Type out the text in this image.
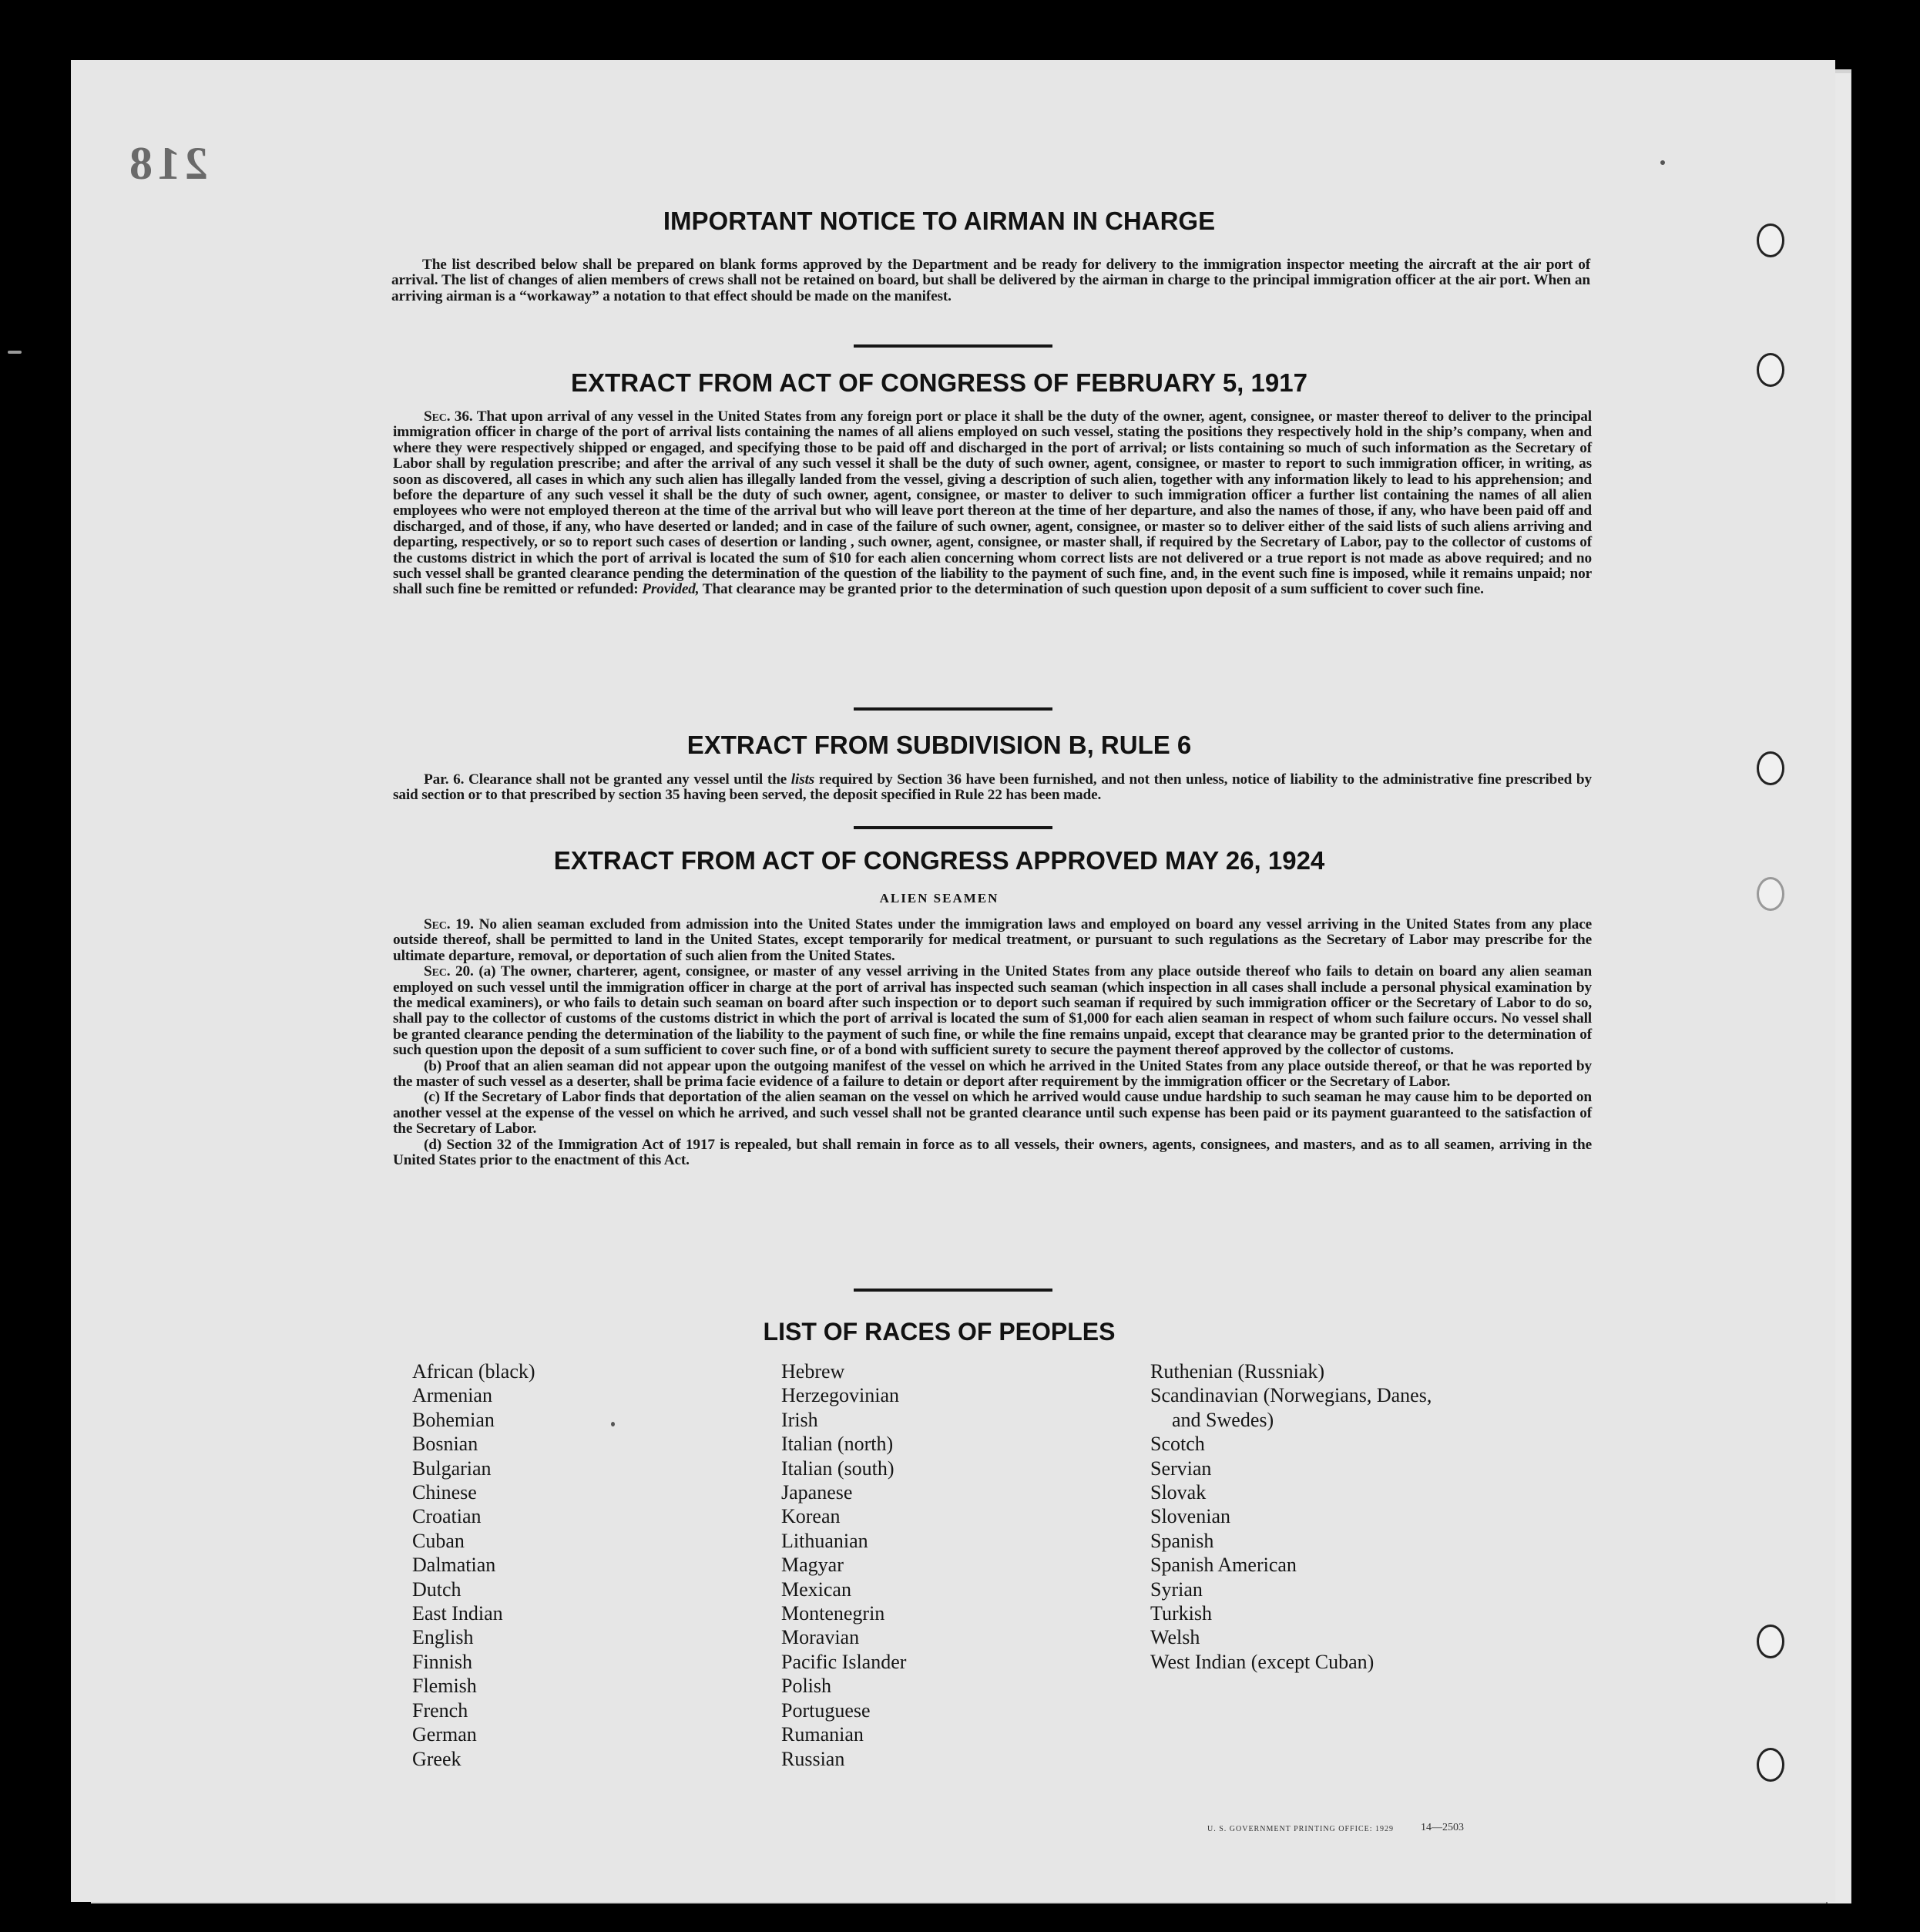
218
IMPORTANT NOTICE TO AIRMAN IN CHARGE

The list described below shall be prepared on blank forms approved by the Department and be ready for delivery to the immigration inspector meeting the aircraft at the air port of arrival. The list of changes of alien members of crews shall not be retained on board, but shall be delivered by the airman in charge to the principal immigration officer at the air port. When an arriving airman is a “workaway” a notation to that effect should be made on the manifest.

EXTRACT FROM ACT OF CONGRESS OF FEBRUARY 5, 1917

Sec. 36. That upon arrival of any vessel in the United States from any foreign port or place it shall be the duty of the owner, agent, consignee, or master thereof to deliver to the principal immigration officer in charge of the port of arrival lists containing the names of all aliens employed on such vessel, stating the positions they respectively hold in the ship’s company, when and where they were respectively shipped or engaged, and specifying those to be paid off and discharged in the port of arrival; or lists containing so much of such information as the Secretary of Labor shall by regulation prescribe; and after the arrival of any such vessel it shall be the duty of such owner, agent, consignee, or master to report to such immigration officer, in writing, as soon as discovered, all cases in which any such alien has illegally landed from the vessel, giving a description of such alien, together with any information likely to lead to his apprehension; and before the departure of any such vessel it shall be the duty of such owner, agent, consignee, or master to deliver to such immigration officer a further list containing the names of all alien employees who were not employed thereon at the time of the arrival but who will leave port thereon at the time of her departure, and also the names of those, if any, who have been paid off and discharged, and of those, if any, who have deserted or landed; and in case of the failure of such owner, agent, consignee, or master so to deliver either of the said lists of such aliens arriving and departing, respectively, or so to report such cases of desertion or landing , such owner, agent, consignee, or master shall, if required by the Secretary of Labor, pay to the collector of customs of the customs district in which the port of arrival is located the sum of $10 for each alien concerning whom correct lists are not delivered or a true report is not made as above required; and no such vessel shall be granted clearance pending the determination of the question of the liability to the payment of such fine, and, in the event such fine is imposed, while it remains unpaid; nor shall such fine be remitted or refunded: Provided, That clearance may be granted prior to the determination of such question upon deposit of a sum sufficient to cover such fine.

EXTRACT FROM SUBDIVISION B, RULE 6

Par. 6. Clearance shall not be granted any vessel until the lists required by Section 36 have been furnished, and not then unless, notice of liability to the administrative fine prescribed by said section or to that prescribed by section 35 having been served, the deposit specified in Rule 22 has been made.

EXTRACT FROM ACT OF CONGRESS APPROVED MAY 26, 1924
ALIEN SEAMEN

Sec. 19. No alien seaman excluded from admission into the United States under the immigration laws and employed on board any vessel arriving in the United States from any place outside thereof, shall be permitted to land in the United States, except temporarily for medical treatment, or pursuant to such regulations as the Secretary of Labor may prescribe for the ultimate departure, removal, or deportation of such alien from the United States.

Sec. 20. (a) The owner, charterer, agent, consignee, or master of any vessel arriving in the United States from any place outside thereof who fails to detain on board any alien seaman employed on such vessel until the immigration officer in charge at the port of arrival has inspected such seaman (which inspection in all cases shall include a personal physical examination by the medical examiners), or who fails to detain such seaman on board after such inspection or to deport such seaman if required by such immigration officer or the Secretary of Labor to do so, shall pay to the collector of customs of the customs district in which the port of arrival is located the sum of $1,000 for each alien seaman in respect of whom such failure occurs. No vessel shall be granted clearance pending the determination of the liability to the payment of such fine, or while the fine remains unpaid, except that clearance may be granted prior to the determination of such question upon the deposit of a sum sufficient to cover such fine, or of a bond with sufficient surety to secure the payment thereof approved by the collector of customs.

(b) Proof that an alien seaman did not appear upon the outgoing manifest of the vessel on which he arrived in the United States from any place outside thereof, or that he was reported by the master of such vessel as a deserter, shall be prima facie evidence of a failure to detain or deport after requirement by the immigration officer or the Secretary of Labor.

(c) If the Secretary of Labor finds that deportation of the alien seaman on the vessel on which he arrived would cause undue hardship to such seaman he may cause him to be deported on another vessel at the expense of the vessel on which he arrived, and such vessel shall not be granted clearance until such expense has been paid or its payment guaranteed to the satisfaction of the Secretary of Labor.

(d) Section 32 of the Immigration Act of 1917 is repealed, but shall remain in force as to all vessels, their owners, agents, consignees, and masters, and as to all seamen, arriving in the United States prior to the enactment of this Act.

LIST OF RACES OF PEOPLES
African (black)
Armenian
Bohemian
Bosnian
Bulgarian
Chinese
Croatian
Cuban
Dalmatian
Dutch
East Indian
English
Finnish
Flemish
French
German
Greek
Hebrew
Herzegovinian
Irish
Italian (north)
Italian (south)
Japanese
Korean
Lithuanian
Magyar
Mexican
Montenegrin
Moravian
Pacific Islander
Polish
Portuguese
Rumanian
Russian
Ruthenian (Russniak)
Scandinavian (Norwegians, Danes,
and Swedes)
Scotch
Servian
Slovak
Slovenian
Spanish
Spanish American
Syrian
Turkish
Welsh
West Indian (except Cuban)
U. S. GOVERNMENT PRINTING OFFICE: 1929	14—2503
